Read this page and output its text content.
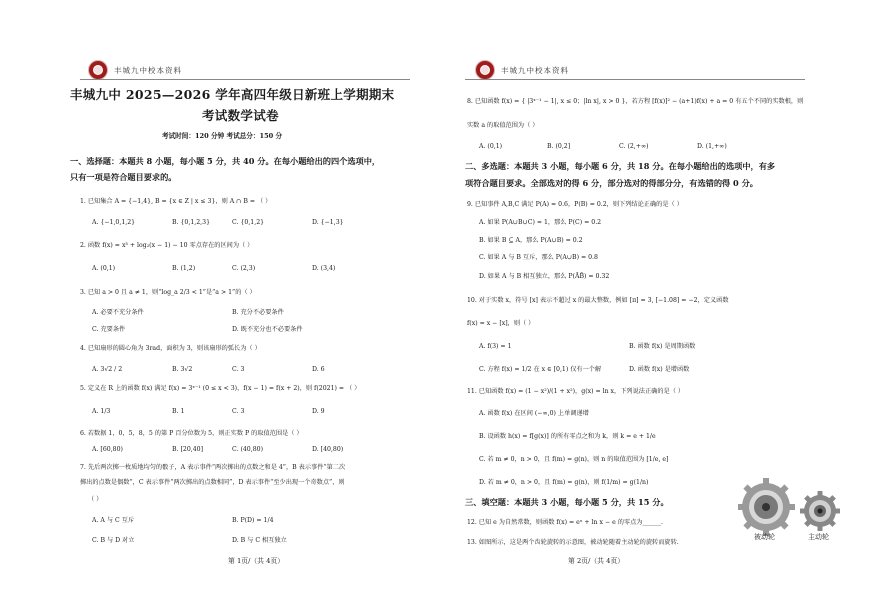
丰城九中校本资料
丰城九中 2025—2026 学年高四年级日新班上学期期末
考试数学试卷
考试时间：120 分钟 考试总分：150 分
一、选择题：本题共 8 小题，每小题 5 分，共 40 分。在每小题给出的四个选项中，
只有一项是符合题目要求的。
1. 已知集合 A = {−1,4}, B = {x ∈ Z | x ≤ 3}，则 A ∩ B = （ ）
A. {−1,0,1,2}	B. {0,1,2,3}	C. {0,1,2}	D. {−1,3}
2. 函数 f(x) = x³ + log₂(x − 1) − 10 零点存在的区间为（ ）
A. (0,1)	B. (1,2)	C. (2,3)	D. (3,4)
3. 已知 a > 0 且 a ≠ 1，则“log_a 2/3 < 1”是“a > 1”的（ ）
A. 必要不充分条件	B. 充分不必要条件
C. 充要条件	D. 既不充分也不必要条件
4. 已知扇形的圆心角为 3rad，面积为 3，则该扇形的弧长为（ ）
A. 3√2 / 2	B. 3√2	C. 3	D. 6
5. 定义在 R 上的函数 f(x) 满足 f(x) = 3ˣ⁻¹ (0 ≤ x < 3)，f(x − 1) = f(x + 2)，则 f(2021) = （ ）
A. 1/3	B. 1	C. 3	D. 9
6. 若数据 1，0，5，8，5 的第 P 百分位数为 5，则正实数 P 的取值范围是（ ）
A. [60,80)	B. [20,40]	C. (40,80)	D. [40,80)
7. 先后两次掷一枚质地均匀的骰子，A 表示事件“两次掷出的点数之和是 4”，B 表示事件“第二次
掷出的点数是偶数”，C 表示事件“两次掷出的点数相同”，D 表示事件“至少出现一个奇数点”，则
（ ）
A. A 与 C 互斥	B. P(D) = 1/4
C. B 与 D 对立	D. B 与 C 相互独立
第 1页/（共 4页）
丰城九中校本资料
8. 已知函数 f(x) = { |3ˣ⁻¹ − 1|, x ≤ 0；|ln x|, x > 0 }，若方程 [f(x)]² − (a+1)f(x) + a = 0 有五个不同的实数根，则
实数 a 的取值范围为（ ）
A. (0,1)	B. (0,2]	C. (2,+∞)	D. (1,+∞)
二、多选题：本题共 3 小题，每小题 6 分，共 18 分。在每小题给出的选项中，有多
项符合题目要求。全部选对的得 6 分，部分选对的得部分分，有选错的得 0 分。
9. 已知事件 A,B,C 满足 P(A) = 0.6，P(B) = 0.2，则下列结论正确的是（ ）
A. 如果 P(A∪B∪C) = 1，那么 P(C) = 0.2
B. 如果 B ⊆ A，那么 P(A∪B) = 0.2
C. 如果 A 与 B 互斥，那么 P(A∪B) = 0.8
D. 如果 A 与 B 相互独立，那么 P(ĀB̄) = 0.32
10. 对于实数 x，符号 [x] 表示不超过 x 的最大整数，例如 [π] = 3, [−1.08] = −2，定义函数
f(x) = x − [x]，则（ ）
A. f(3) = 1	B. 函数 f(x) 是周期函数
C. 方程 f(x) = 1/2 在 x ∈ [0,1) 仅有一个解	D. 函数 f(x) 是增函数
11. 已知函数 f(x) = (1 − x²)/(1 + x²)，g(x) = ln x，下列说法正确的是（ ）
A. 函数 f(x) 在区间 (−∞,0) 上单调递增
B. 设函数 h(x) = f[g(x)] 的所有零点之和为 k，则 k = e + 1/e
C. 若 m ≠ 0，n > 0，且 f(m) = g(n)，则 n 的取值范围为 [1/e, e]
D. 若 m ≠ 0，n > 0，且 f(m) = g(n)，则 f(1/m) = g(1/n)
三、填空题：本题共 3 小题，每小题 5 分，共 15 分。
12. 已知 e 为自然常数，则函数 f(x) = eˣ + ln x − e 的零点为______.
13. 如图所示，这是两个齿轮旋转的示意图，被动轮随着主动轮的旋转而旋转.
第 2页/（共 4页）
被动轮	主动轮
